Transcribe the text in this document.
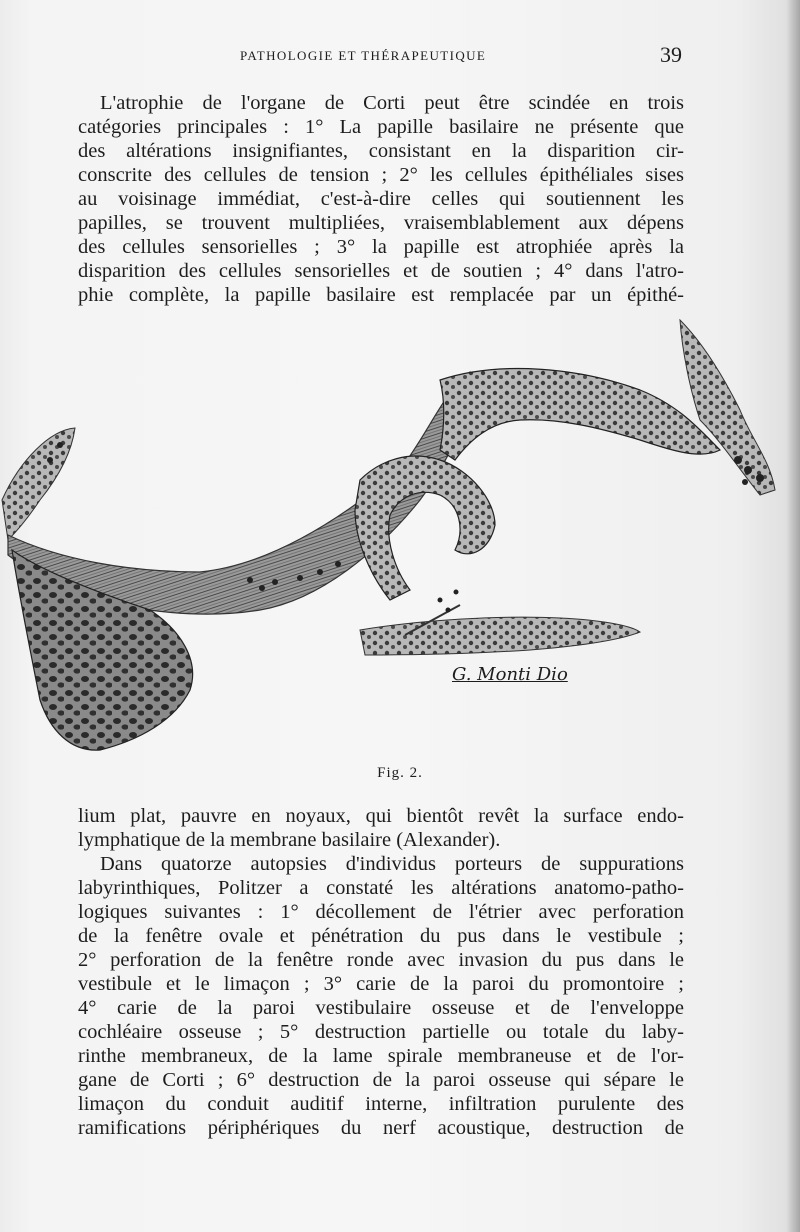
PATHOLOGIE ET THÉRAPEUTIQUE	39
L'atrophie de l'organe de Corti peut être scindée en trois
catégories principales : 1° La papille basilaire ne présente que
des altérations insignifiantes, consistant en la disparition cir-
conscrite des cellules de tension ; 2° les cellules épithéliales sises
au voisinage immédiat, c'est-à-dire celles qui soutiennent les
papilles, se trouvent multipliées, vraisemblablement aux dépens
des cellules sensorielles ; 3° la papille est atrophiée après la
disparition des cellules sensorielles et de soutien ; 4° dans l'atro-
phie complète, la papille basilaire est remplacée par un épithé-
G. Monti Dio
Fig. 2.
lium plat, pauvre en noyaux, qui bientôt revêt la surface endo-
lymphatique de la membrane basilaire (Alexander).
Dans quatorze autopsies d'individus porteurs de suppurations
labyrinthiques, Politzer a constaté les altérations anatomo-patho-
logiques suivantes : 1° décollement de l'étrier avec perforation
de la fenêtre ovale et pénétration du pus dans le vestibule ;
2° perforation de la fenêtre ronde avec invasion du pus dans le
vestibule et le limaçon ; 3° carie de la paroi du promontoire ;
4° carie de la paroi vestibulaire osseuse et de l'enveloppe
cochléaire osseuse ; 5° destruction partielle ou totale du laby-
rinthe membraneux, de la lame spirale membraneuse et de l'or-
gane de Corti ; 6° destruction de la paroi osseuse qui sépare le
limaçon du conduit auditif interne, infiltration purulente des
ramifications périphériques du nerf acoustique, destruction de
